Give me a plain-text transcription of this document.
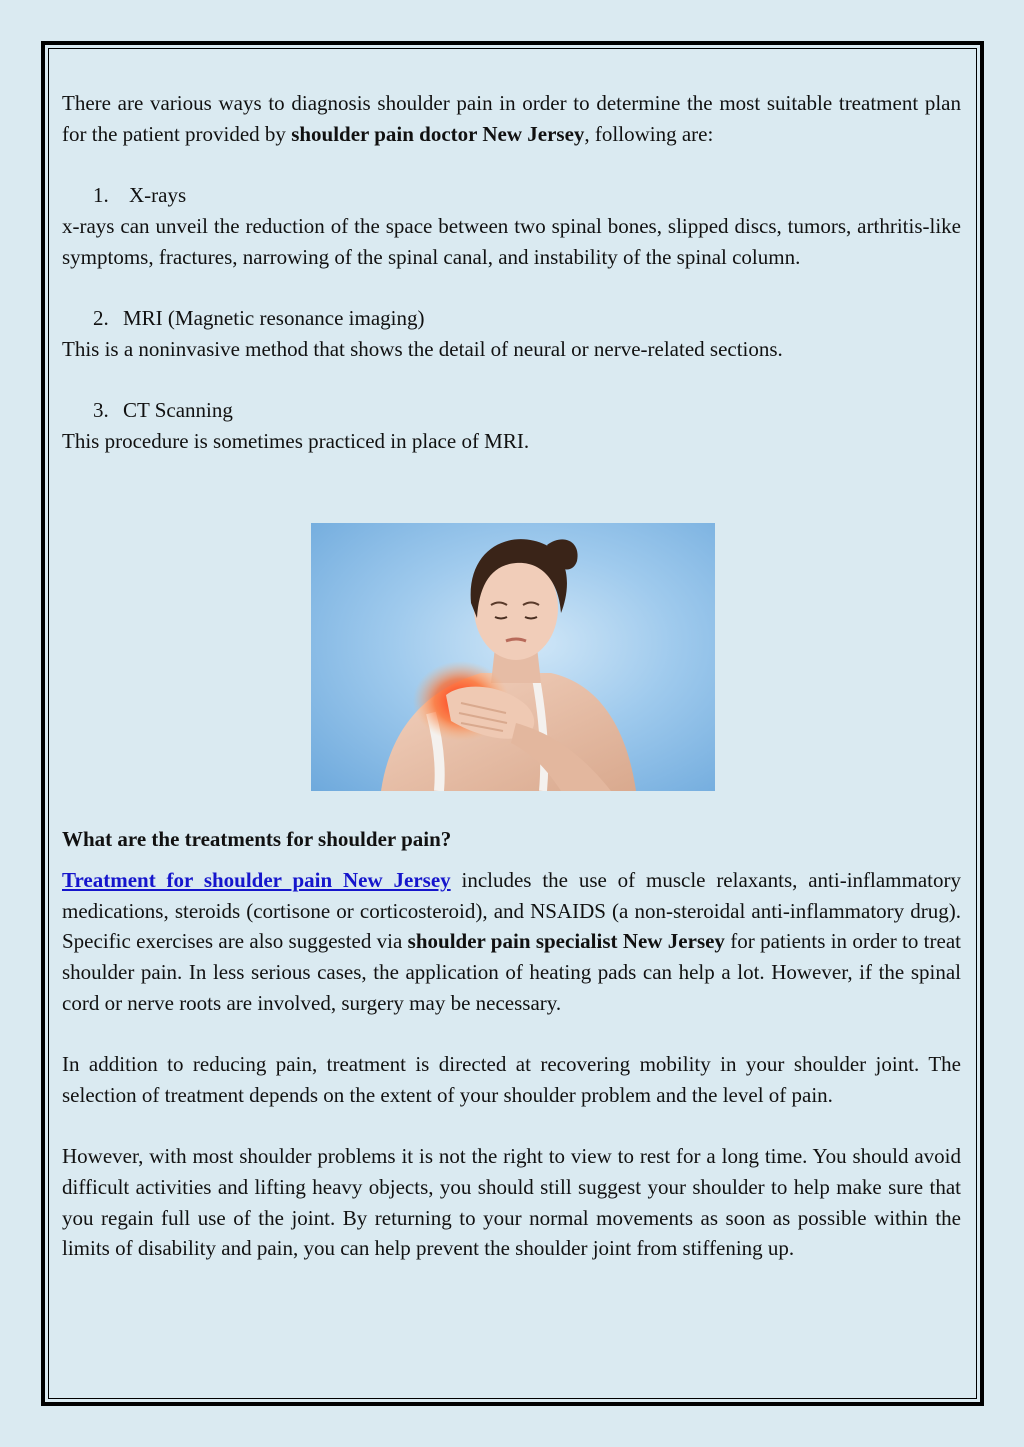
There are various ways to diagnosis shoulder pain in order to determine the most suitable treatment plan for the patient provided by shoulder pain doctor New Jersey, following are:

1. X-rays

x-rays can unveil the reduction of the space between two spinal bones, slipped discs, tumors, arthritis-like symptoms, fractures, narrowing of the spinal canal, and instability of the spinal column.

2. MRI (Magnetic resonance imaging)

This is a noninvasive method that shows the detail of neural or nerve-related sections.

3. CT Scanning

This procedure is sometimes practiced in place of MRI.

What are the treatments for shoulder pain?

Treatment for shoulder pain New Jersey includes the use of muscle relaxants, anti-inflammatory medications, steroids (cortisone or corticosteroid), and NSAIDS (a non-steroidal anti-inflammatory drug). Specific exercises are also suggested via shoulder pain specialist New Jersey for patients in order to treat shoulder pain. In less serious cases, the application of heating pads can help a lot. However, if the spinal cord or nerve roots are involved, surgery may be necessary.

In addition to reducing pain, treatment is directed at recovering mobility in your shoulder joint. The selection of treatment depends on the extent of your shoulder problem and the level of pain.

However, with most shoulder problems it is not the right to view to rest for a long time. You should avoid difficult activities and lifting heavy objects, you should still suggest your shoulder to help make sure that you regain full use of the joint. By returning to your normal movements as soon as possible within the limits of disability and pain, you can help prevent the shoulder joint from stiffening up.
